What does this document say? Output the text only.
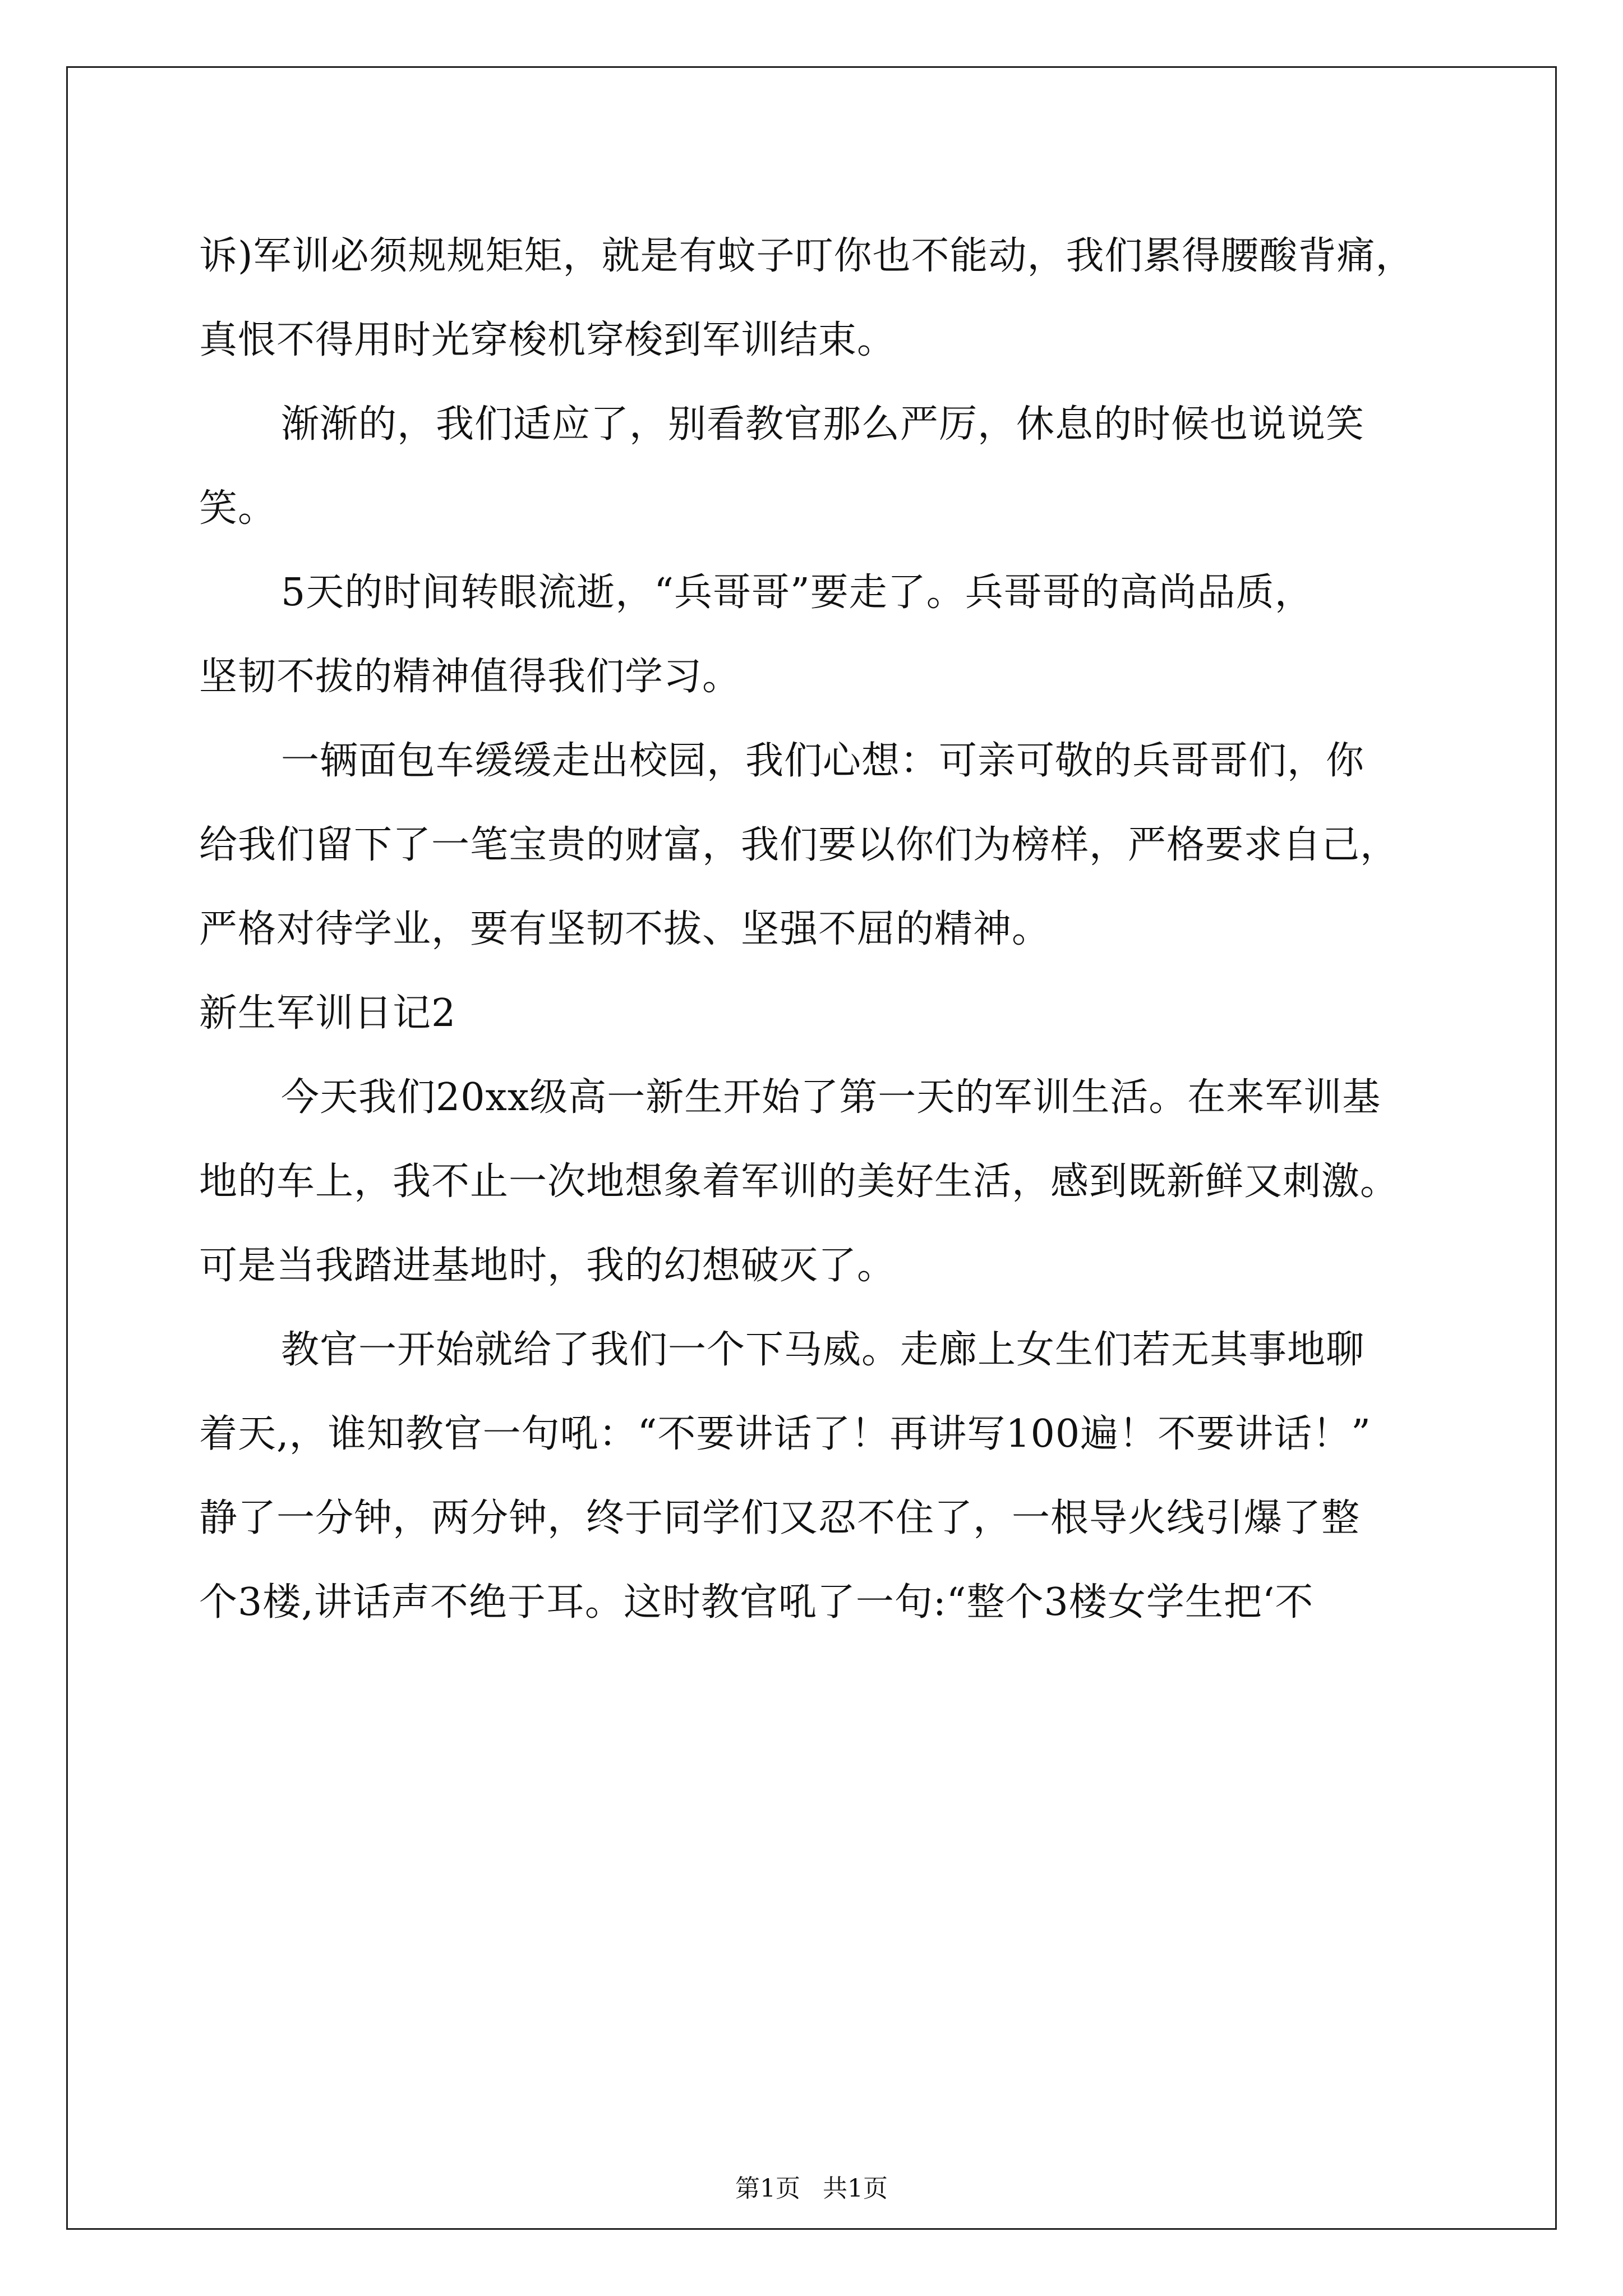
诉)军训必须规规矩矩，就是有蚊子叮你也不能动，我们累得腰酸背痛，
真恨不得用时光穿梭机穿梭到军训结束。
渐渐的，我们适应了，别看教官那么严厉，休息的时候也说说笑
笑。
5天的时间转眼流逝，“兵哥哥”要走了。兵哥哥的高尚品质，
坚韧不拔的精神值得我们学习。
一辆面包车缓缓走出校园，我们心想：可亲可敬的兵哥哥们，你
给我们留下了一笔宝贵的财富，我们要以你们为榜样，严格要求自己，
严格对待学业，要有坚韧不拔、坚强不屈的精神。
新生军训日记2
今天我们20xx级高一新生开始了第一天的军训生活。在来军训基
地的车上，我不止一次地想象着军训的美好生活，感到既新鲜又刺激。
可是当我踏进基地时，我的幻想破灭了。
教官一开始就给了我们一个下马威。走廊上女生们若无其事地聊
着天,，谁知教官一句吼：“不要讲话了！再讲写100遍！不要讲话！”
静了一分钟，两分钟，终于同学们又忍不住了，一根导火线引爆了整
个3楼,讲话声不绝于耳。这时教官吼了一句:“整个3楼女学生把‘不
第1页 共1页
